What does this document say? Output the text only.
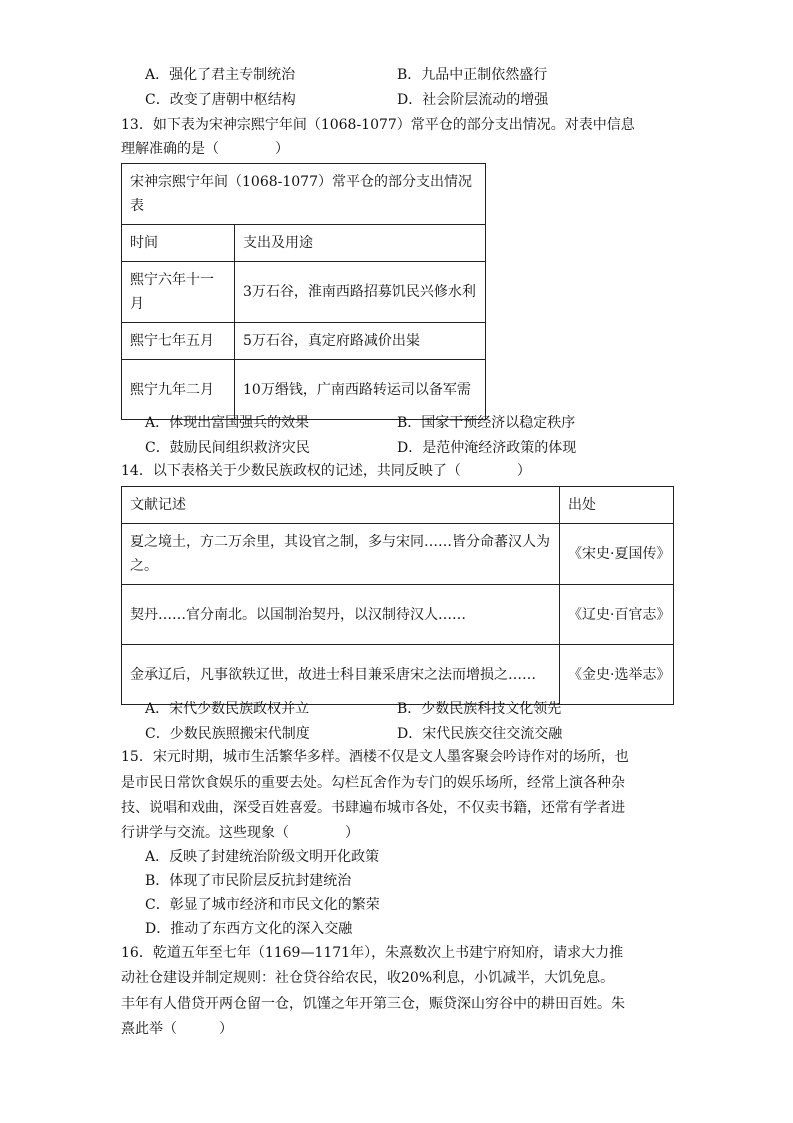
A．强化了君主专制统治	B．九品中正制依然盛行
C．改变了唐朝中枢结构	D．社会阶层流动的增强
13．如下表为宋神宗熙宁年间（1068-1077）常平仓的部分支出情况。对表中信息
理解准确的是（　　　　）
宋神宗熙宁年间（1068-1077）常平仓的部分支出情况表	
时间	支出及用途
熙宁六年十一月	3万石谷，淮南西路招募饥民兴修水利
熙宁七年五月	5万石谷，真定府路减价出粜
熙宁九年二月	10万缗钱，广南西路转运司以备军需
A．体现出富国强兵的效果	B．国家干预经济以稳定秩序
C．鼓励民间组织救济灾民	D．是范仲淹经济政策的体现
14．以下表格关于少数民族政权的记述，共同反映了（　　　　）
文献记述	出处
夏之境土，方二万余里，其设官之制，多与宋同……皆分命蕃汉人为之。	《宋史·夏国传》
契丹……官分南北。以国制治契丹，以汉制待汉人……	《辽史·百官志》
金承辽后，凡事欲轶辽世，故进士科目兼采唐宋之法而增损之……	《金史·选举志》
A．宋代少数民族政权并立	B．少数民族科技文化领先
C．少数民族照搬宋代制度	D．宋代民族交往交流交融
15．宋元时期，城市生活繁华多样。酒楼不仅是文人墨客聚会吟诗作对的场所，也
是市民日常饮食娱乐的重要去处。勾栏瓦舍作为专门的娱乐场所，经常上演各种杂
技、说唱和戏曲，深受百姓喜爱。书肆遍布城市各处，不仅卖书籍，还常有学者进
行讲学与交流。这些现象（　　　　）
A．反映了封建统治阶级文明开化政策
B．体现了市民阶层反抗封建统治
C．彰显了城市经济和市民文化的繁荣
D．推动了东西方文化的深入交融
16．乾道五年至七年（1169—1171年），朱熹数次上书建宁府知府，请求大力推
动社仓建设并制定规则：社仓贷谷给农民，收20%利息，小饥减半，大饥免息。
丰年有人借贷开两仓留一仓，饥馑之年开第三仓，赈贷深山穷谷中的耕田百姓。朱
熹此举（　　　）
